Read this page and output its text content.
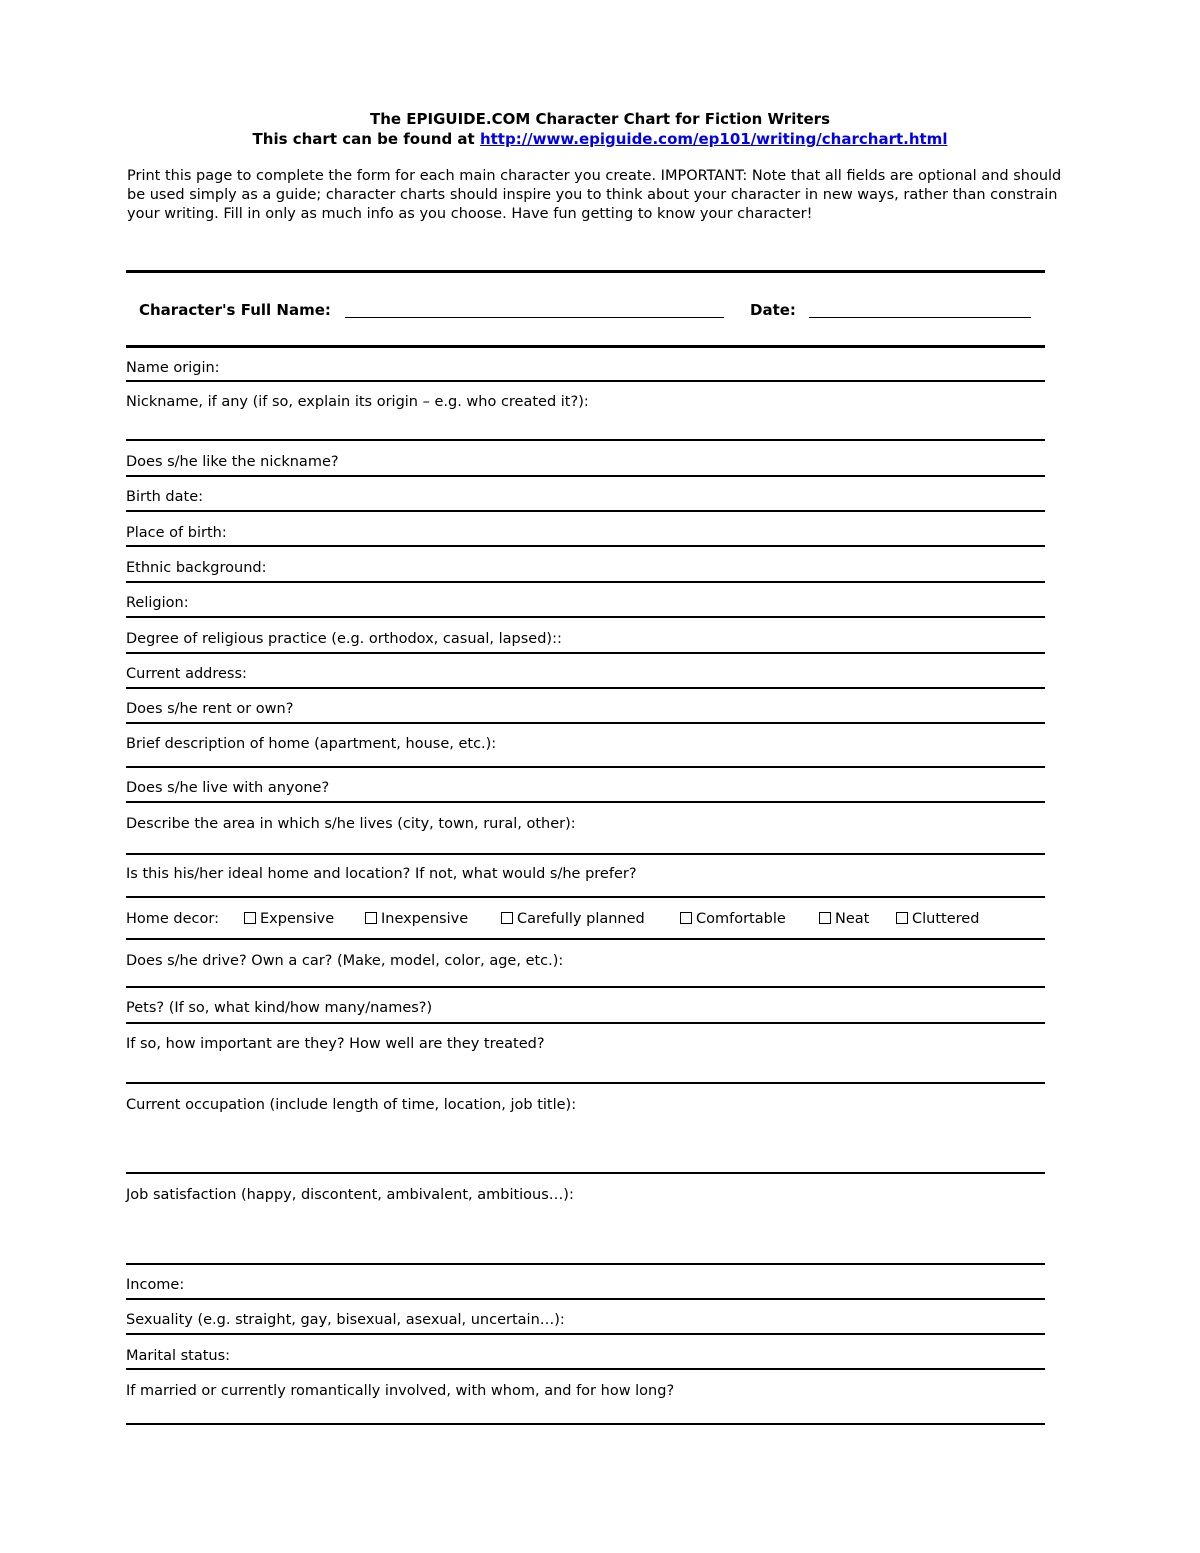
The EPIGUIDE.COM Character Chart for Fiction Writers
This chart can be found at http://www.epiguide.com/ep101/writing/charchart.html

Print this page to complete the form for each main character you create. IMPORTANT: Note that all fields are optional and should be used simply as a guide; character charts should inspire you to think about your character in new ways, rather than constrain your writing. Fill in only as much info as you choose. Have fun getting to know your character!

Character's Full Name:	Date:

Name origin:

Nickname, if any (if so, explain its origin – e.g. who created it?):

Does s/he like the nickname?

Birth date:

Place of birth:

Ethnic background:

Religion:

Degree of religious practice (e.g. orthodox, casual, lapsed)::

Current address:

Does s/he rent or own?

Brief description of home (apartment, house, etc.):

Does s/he live with anyone?

Describe the area in which s/he lives (city, town, rural, other):

Is this his/her ideal home and location? If not, what would s/he prefer?

Home decor:	Expensive	Inexpensive	Carefully planned	Comfortable	Neat	Cluttered

Does s/he drive? Own a car? (Make, model, color, age, etc.):

Pets? (If so, what kind/how many/names?)

If so, how important are they? How well are they treated?

Current occupation (include length of time, location, job title):

Job satisfaction (happy, discontent, ambivalent, ambitious…):

Income:

Sexuality (e.g. straight, gay, bisexual, asexual, uncertain…):

Marital status:

If married or currently romantically involved, with whom, and for how long?
